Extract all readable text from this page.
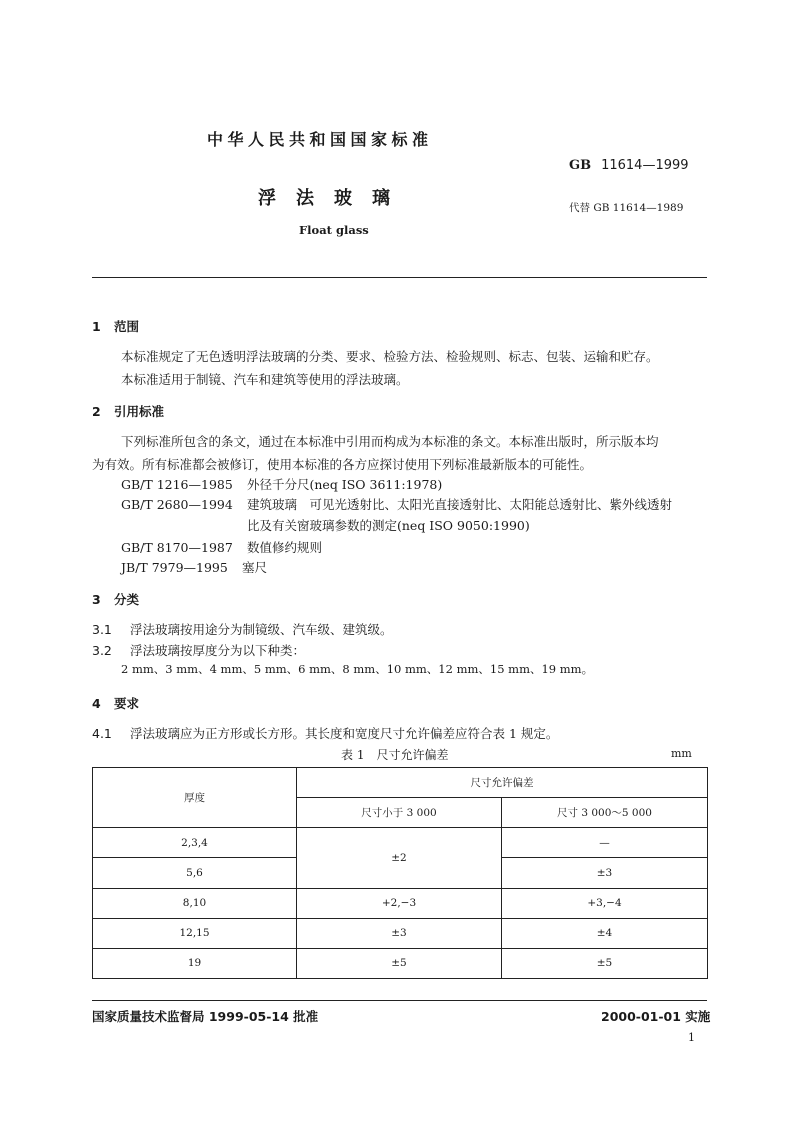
中华人民共和国国家标准
GB 11614—1999
浮法玻璃	代替 GB 11614—1989
Float glass
1 范围
本标准规定了无色透明浮法玻璃的分类、要求、检验方法、检验规则、标志、包装、运输和贮存。
本标准适用于制镜、汽车和建筑等使用的浮法玻璃。
2 引用标准
下列标准所包含的条文，通过在本标准中引用而构成为本标准的条文。本标准出版时，所示版本均
为有效。所有标准都会被修订，使用本标准的各方应探讨使用下列标准最新版本的可能性。
GB/T 1216—1985 外径千分尺(neq ISO 3611:1978)
GB/T 2680—1994 建筑玻璃　可见光透射比、太阳光直接透射比、太阳能总透射比、紫外线透射
比及有关窗玻璃参数的测定(neq ISO 9050:1990)
GB/T 8170—1987 数值修约规则
JB/T 7979—1995 塞尺
3 分类
3.1 浮法玻璃按用途分为制镜级、汽车级、建筑级。
3.2 浮法玻璃按厚度分为以下种类：
2 mm、3 mm、4 mm、5 mm、6 mm、8 mm、10 mm、12 mm、15 mm、19 mm。
4 要求
4.1 浮法玻璃应为正方形或长方形。其长度和宽度尺寸允许偏差应符合表 1 规定。
表 1　尺寸允许偏差	mm
厚度	尺寸允许偏差	
	尺寸小于 3 000	尺寸 3 000～5 000
2,3,4	±2	—
5,6		±3
8,10	+2,−3	+3,−4
12,15	±3	±4
19	±5	±5
国家质量技术监督局 1999-05-14 批准	2000-01-01 实施
1
